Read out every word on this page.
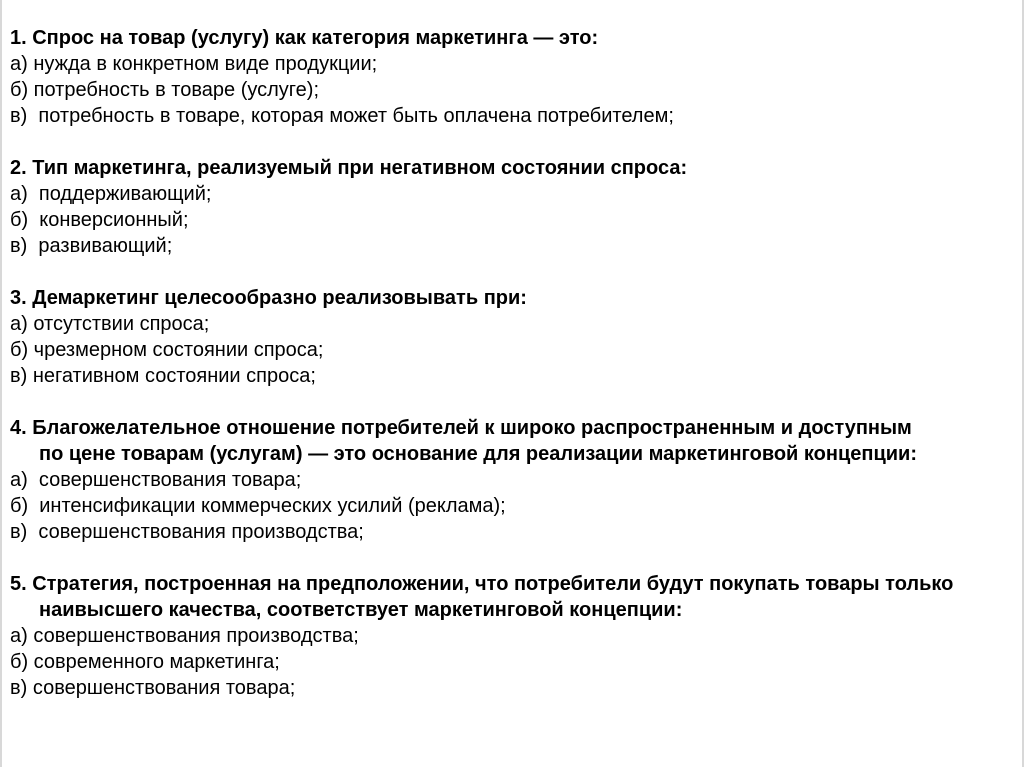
1. Спрос на товар (услугу) как категория маркетинга — это:
а) нужда в конкретном виде продукции;
б) потребность в товаре (услуге);
в)  потребность в товаре, которая может быть оплачена потребителем;
2. Тип маркетинга, реализуемый при негативном состоянии спроса:
а)  поддерживающий;
б)  конверсионный;
в)  развивающий;
3. Демаркетинг целесообразно реализовывать при:
а) отсутствии спроса;
б) чрезмерном состоянии спроса;
в) негативном состоянии спроса;
4. Благожелательное отношение потребителей к широко распространенным и доступным по цене товарам (услугам) — это основание для реализации маркетинговой концепции:
а)  совершенствования товара;
б)  интенсификации коммерческих усилий (реклама);
в)  совершенствования производства;
5. Стратегия, построенная на предположении, что потребители будут покупать товары только наивысшего качества, соответствует маркетинговой концепции:
а) совершенствования производства;
б) современного маркетинга;
в) совершенствования товара;
